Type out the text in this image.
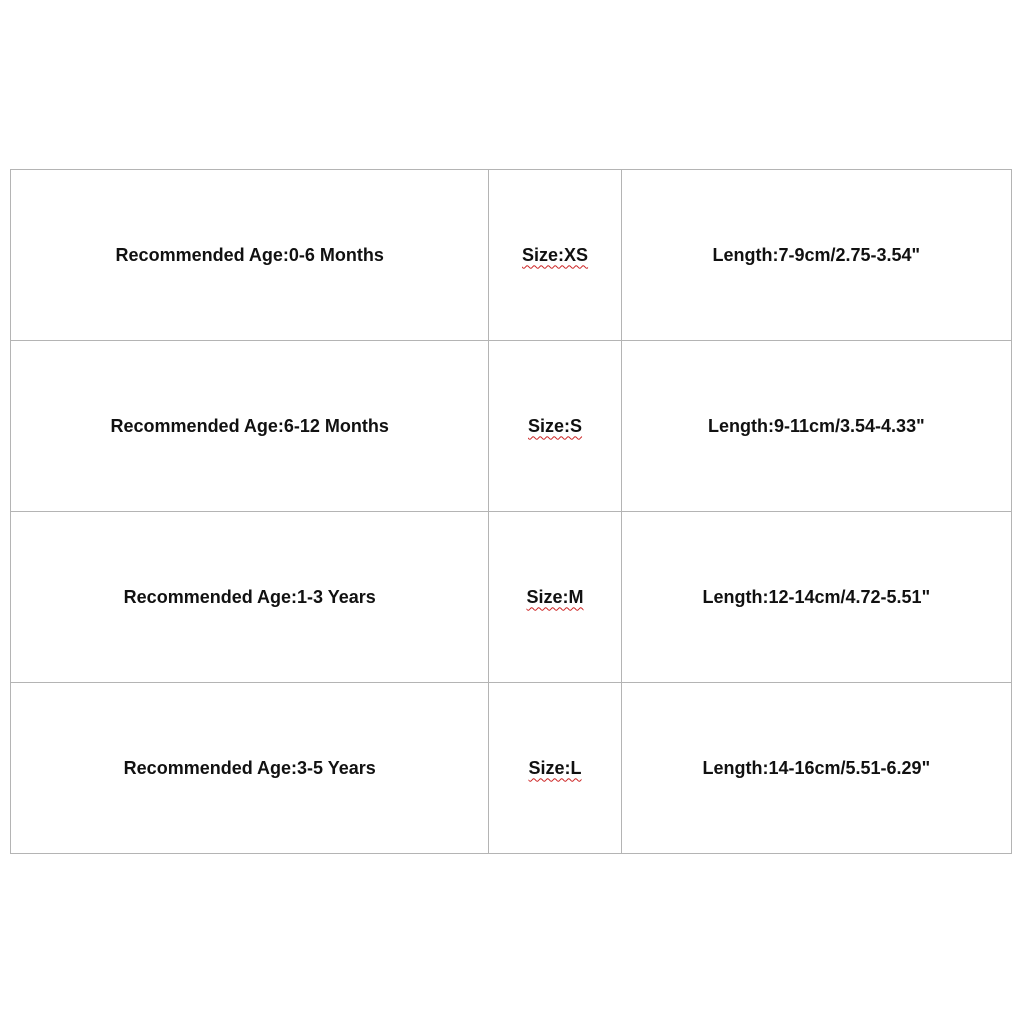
Recommended Age:0-6 Months	Size:XS	Length:7-9cm/2.75-3.54"
Recommended Age:6-12 Months	Size:S	Length:9-11cm/3.54-4.33"
Recommended Age:1-3 Years	Size:M	Length:12-14cm/4.72-5.51"
Recommended Age:3-5 Years	Size:L	Length:14-16cm/5.51-6.29"
